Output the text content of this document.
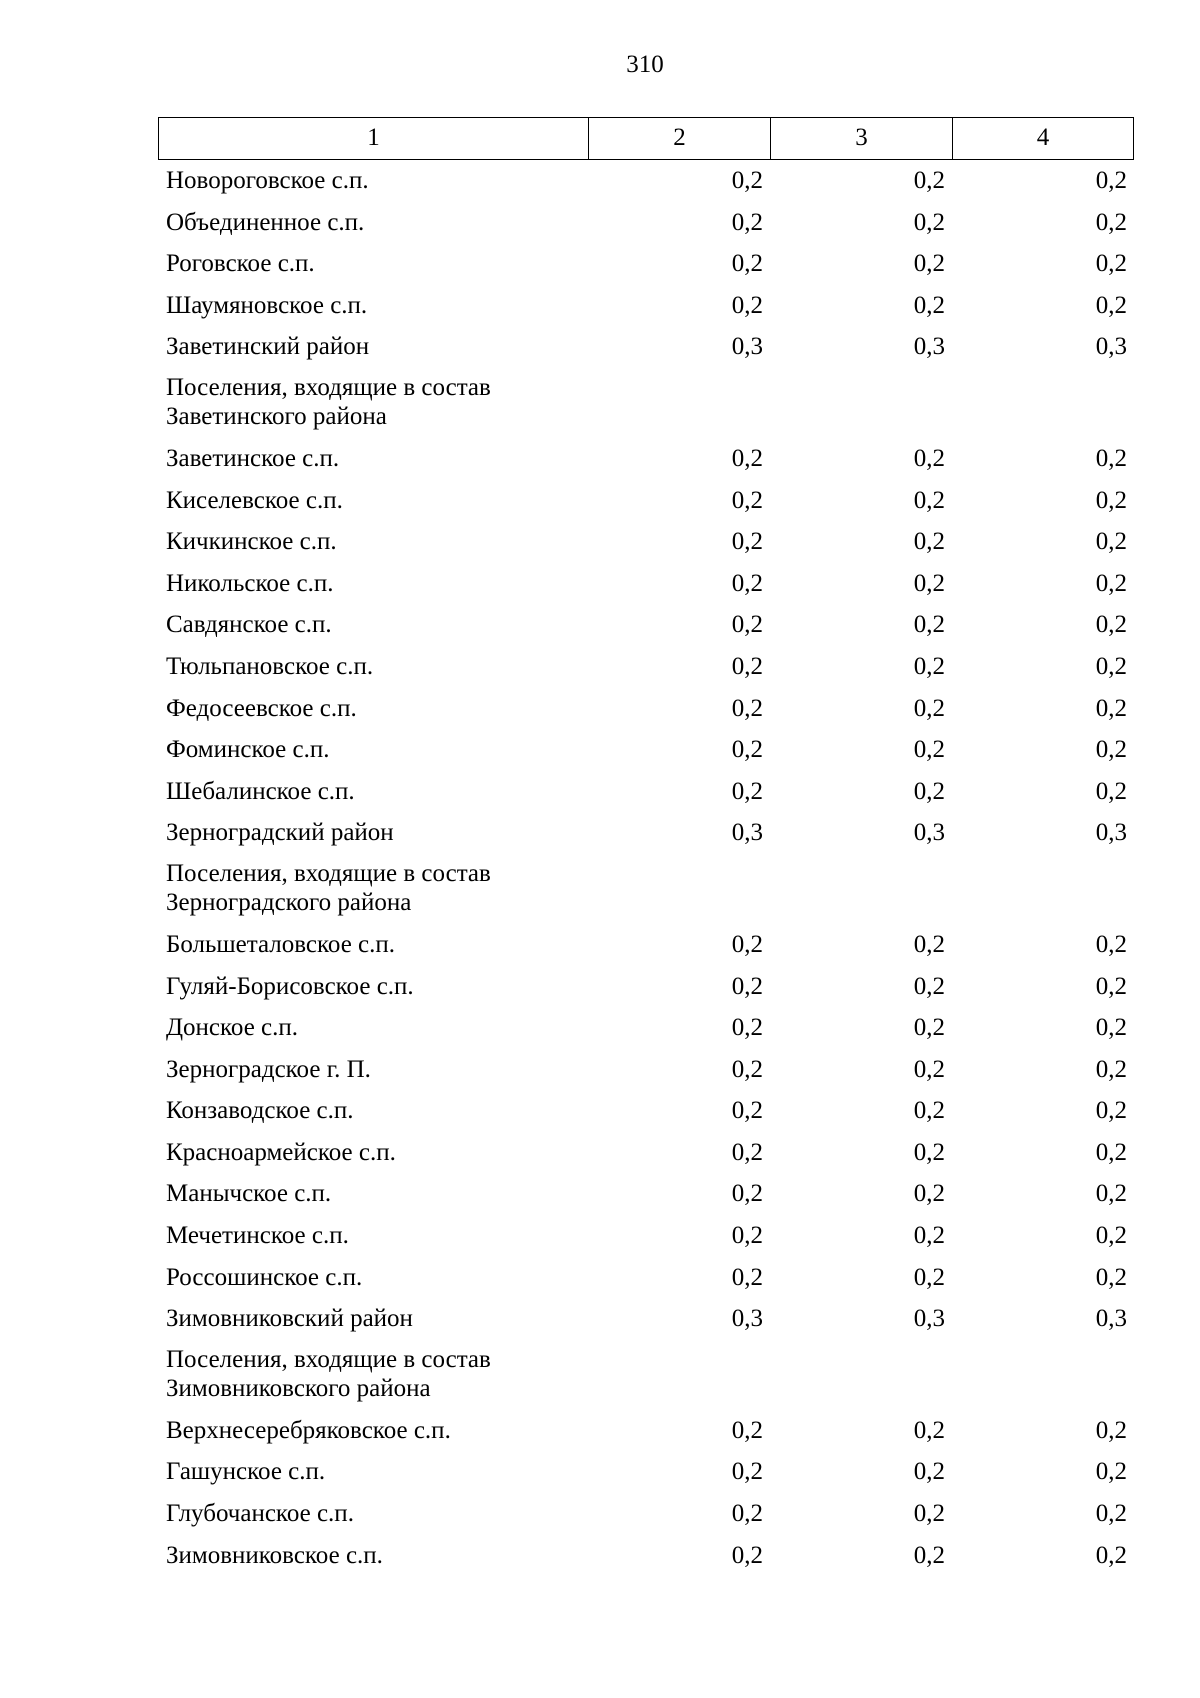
310
1	2	3	4
Новороговское с.п.	0,2	0,2	0,2
Объединенное с.п.	0,2	0,2	0,2
Роговское с.п.	0,2	0,2	0,2
Шаумяновское с.п.	0,2	0,2	0,2
Заветинский район	0,3	0,3	0,3
Поселения, входящие в состав Заветинского района
Заветинское с.п.	0,2	0,2	0,2
Киселевское с.п.	0,2	0,2	0,2
Кичкинское с.п.	0,2	0,2	0,2
Никольское с.п.	0,2	0,2	0,2
Савдянское с.п.	0,2	0,2	0,2
Тюльпановское с.п.	0,2	0,2	0,2
Федосеевское с.п.	0,2	0,2	0,2
Фоминское с.п.	0,2	0,2	0,2
Шебалинское с.п.	0,2	0,2	0,2
Зерноградский район	0,3	0,3	0,3
Поселения, входящие в состав Зерноградского района
Большеталовское с.п.	0,2	0,2	0,2
Гуляй-Борисовское с.п.	0,2	0,2	0,2
Донское с.п.	0,2	0,2	0,2
Зерноградское г. П.	0,2	0,2	0,2
Конзаводское с.п.	0,2	0,2	0,2
Красноармейское с.п.	0,2	0,2	0,2
Манычское с.п.	0,2	0,2	0,2
Мечетинское с.п.	0,2	0,2	0,2
Россошинское с.п.	0,2	0,2	0,2
Зимовниковский район	0,3	0,3	0,3
Поселения, входящие в состав Зимовниковского района
Верхнесеребряковское с.п.	0,2	0,2	0,2
Гашунское с.п.	0,2	0,2	0,2
Глубочанское с.п.	0,2	0,2	0,2
Зимовниковское с.п.	0,2	0,2	0,2
